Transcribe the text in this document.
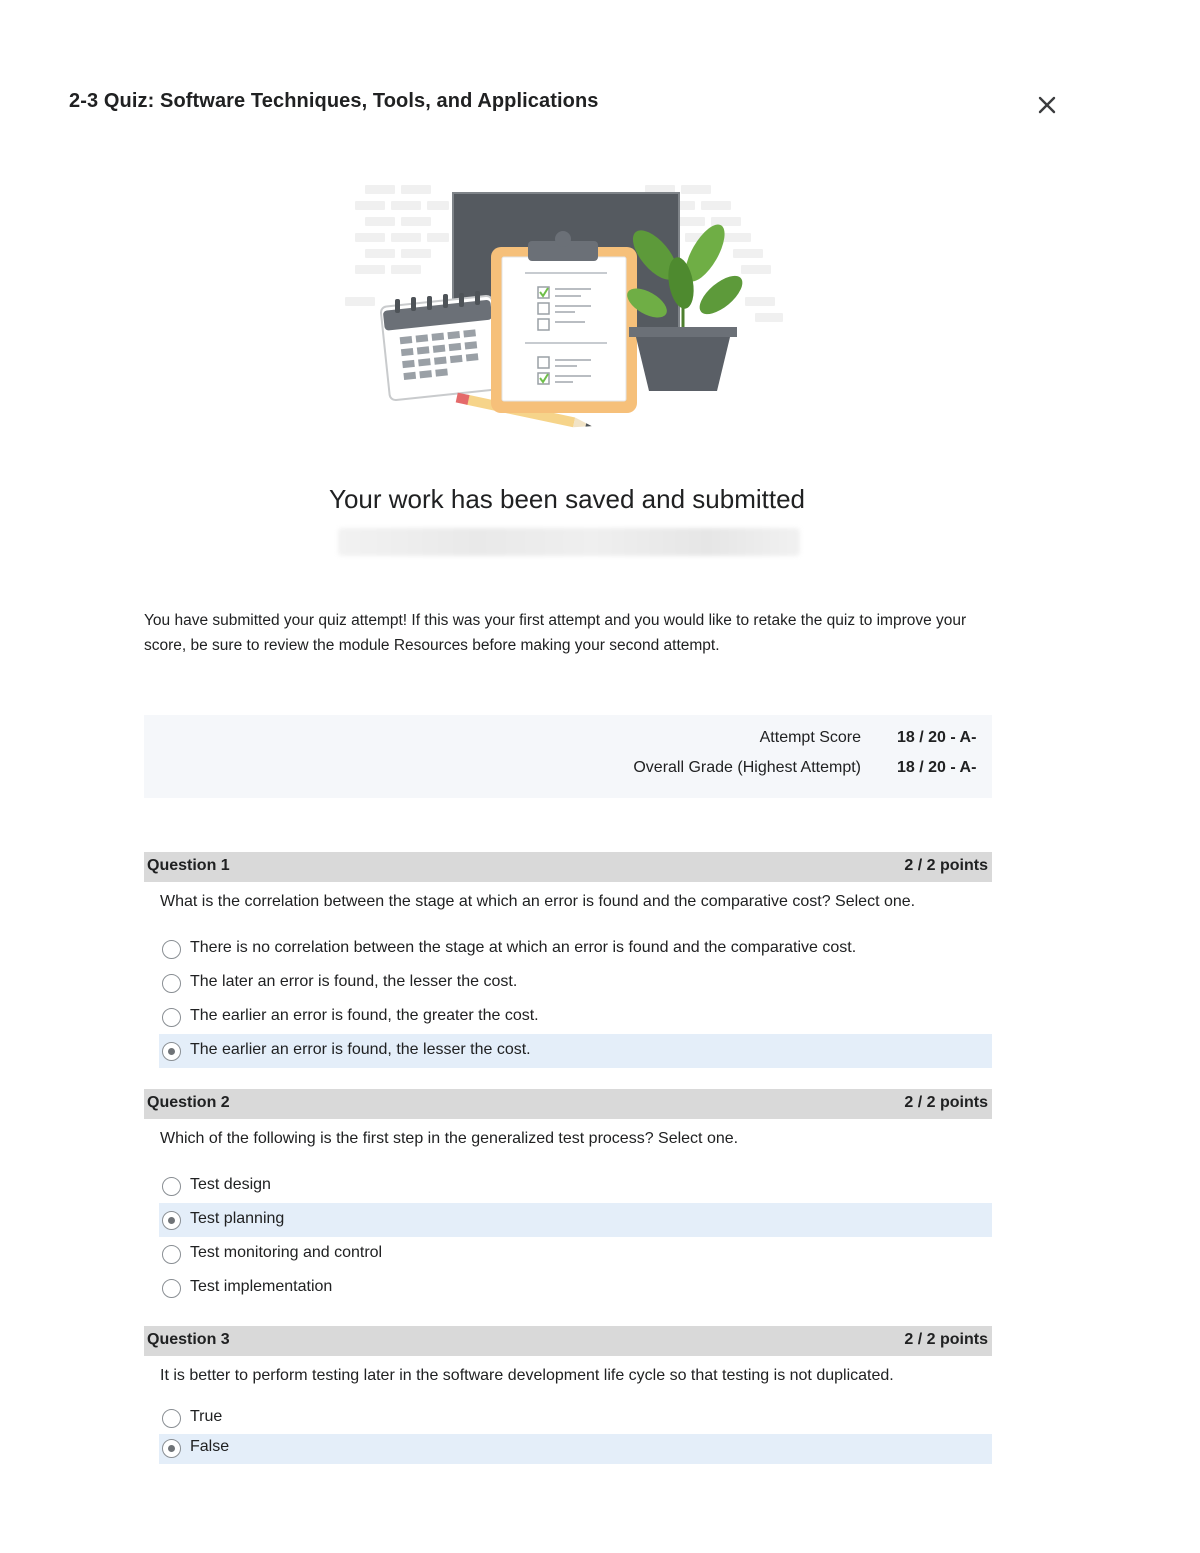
2-3 Quiz: Software Techniques, Tools, and Applications
Your work has been saved and submitted
You have submitted your quiz attempt! If this was your first attempt and you would like to retake the quiz to improve your score, be sure to review the module Resources before making your second attempt.
Attempt Score 18 / 20 - A-
Overall Grade (Highest Attempt) 18 / 20 - A-
Question 1	2 / 2 points
What is the correlation between the stage at which an error is found and the comparative cost? Select one.
There is no correlation between the stage at which an error is found and the comparative cost.
The later an error is found, the lesser the cost.
The earlier an error is found, the greater the cost.
The earlier an error is found, the lesser the cost.
Question 2	2 / 2 points
Which of the following is the first step in the generalized test process? Select one.
Test design
Test planning
Test monitoring and control
Test implementation
Question 3	2 / 2 points
It is better to perform testing later in the software development life cycle so that testing is not duplicated.
True
False
